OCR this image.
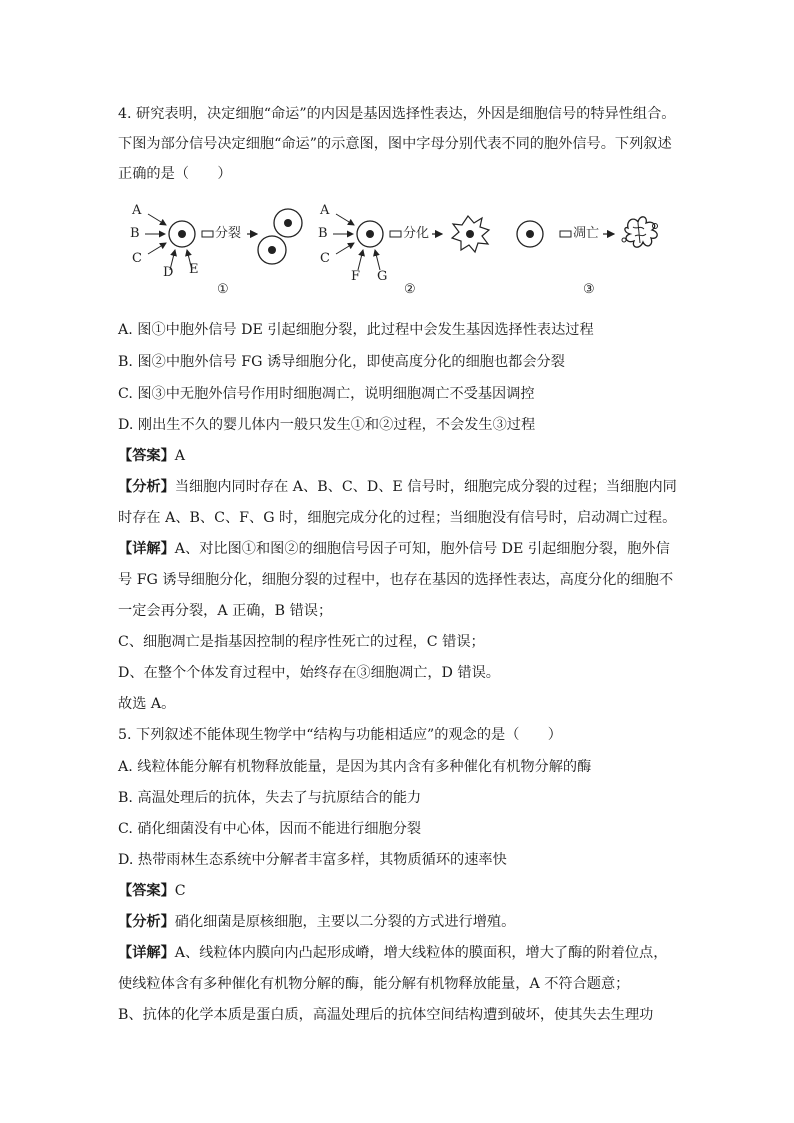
4. 研究表明，决定细胞“命运”的内因是基因选择性表达，外因是细胞信号的特异性组合。
下图为部分信号决定细胞“命运”的示意图，图中字母分别代表不同的胞外信号。下列叙述
正确的是（　　）
A
B
C
D E
分裂
①
A
B
C
F G
分化
②
凋亡
③
A. 图①中胞外信号 DE 引起细胞分裂，此过程中会发生基因选择性表达过程
B. 图②中胞外信号 FG 诱导细胞分化，即使高度分化的细胞也都会分裂
C. 图③中无胞外信号作用时细胞凋亡，说明细胞凋亡不受基因调控
D. 刚出生不久的婴儿体内一般只发生①和②过程，不会发生③过程
【答案】A
【分析】当细胞内同时存在 A、B、C、D、E 信号时，细胞完成分裂的过程；当细胞内同
时存在 A、B、C、F、G 时，细胞完成分化的过程；当细胞没有信号时，启动凋亡过程。
【详解】A、对比图①和图②的细胞信号因子可知，胞外信号 DE 引起细胞分裂，胞外信
号 FG 诱导细胞分化，细胞分裂的过程中，也存在基因的选择性表达，高度分化的细胞不
一定会再分裂，A 正确，B 错误；
C、细胞凋亡是指基因控制的程序性死亡的过程，C 错误；
D、在整个个体发育过程中，始终存在③细胞凋亡，D 错误。
故选 A。
5. 下列叙述不能体现生物学中“结构与功能相适应”的观念的是（　　）
A. 线粒体能分解有机物释放能量，是因为其内含有多种催化有机物分解的酶
B. 高温处理后的抗体，失去了与抗原结合的能力
C. 硝化细菌没有中心体，因而不能进行细胞分裂
D. 热带雨林生态系统中分解者丰富多样，其物质循环的速率快
【答案】C
【分析】硝化细菌是原核细胞，主要以二分裂的方式进行增殖。
【详解】A、线粒体内膜向内凸起形成嵴，增大线粒体的膜面积，增大了酶的附着位点，
使线粒体含有多种催化有机物分解的酶，能分解有机物释放能量，A 不符合题意；
B、抗体的化学本质是蛋白质，高温处理后的抗体空间结构遭到破坏，使其失去生理功
